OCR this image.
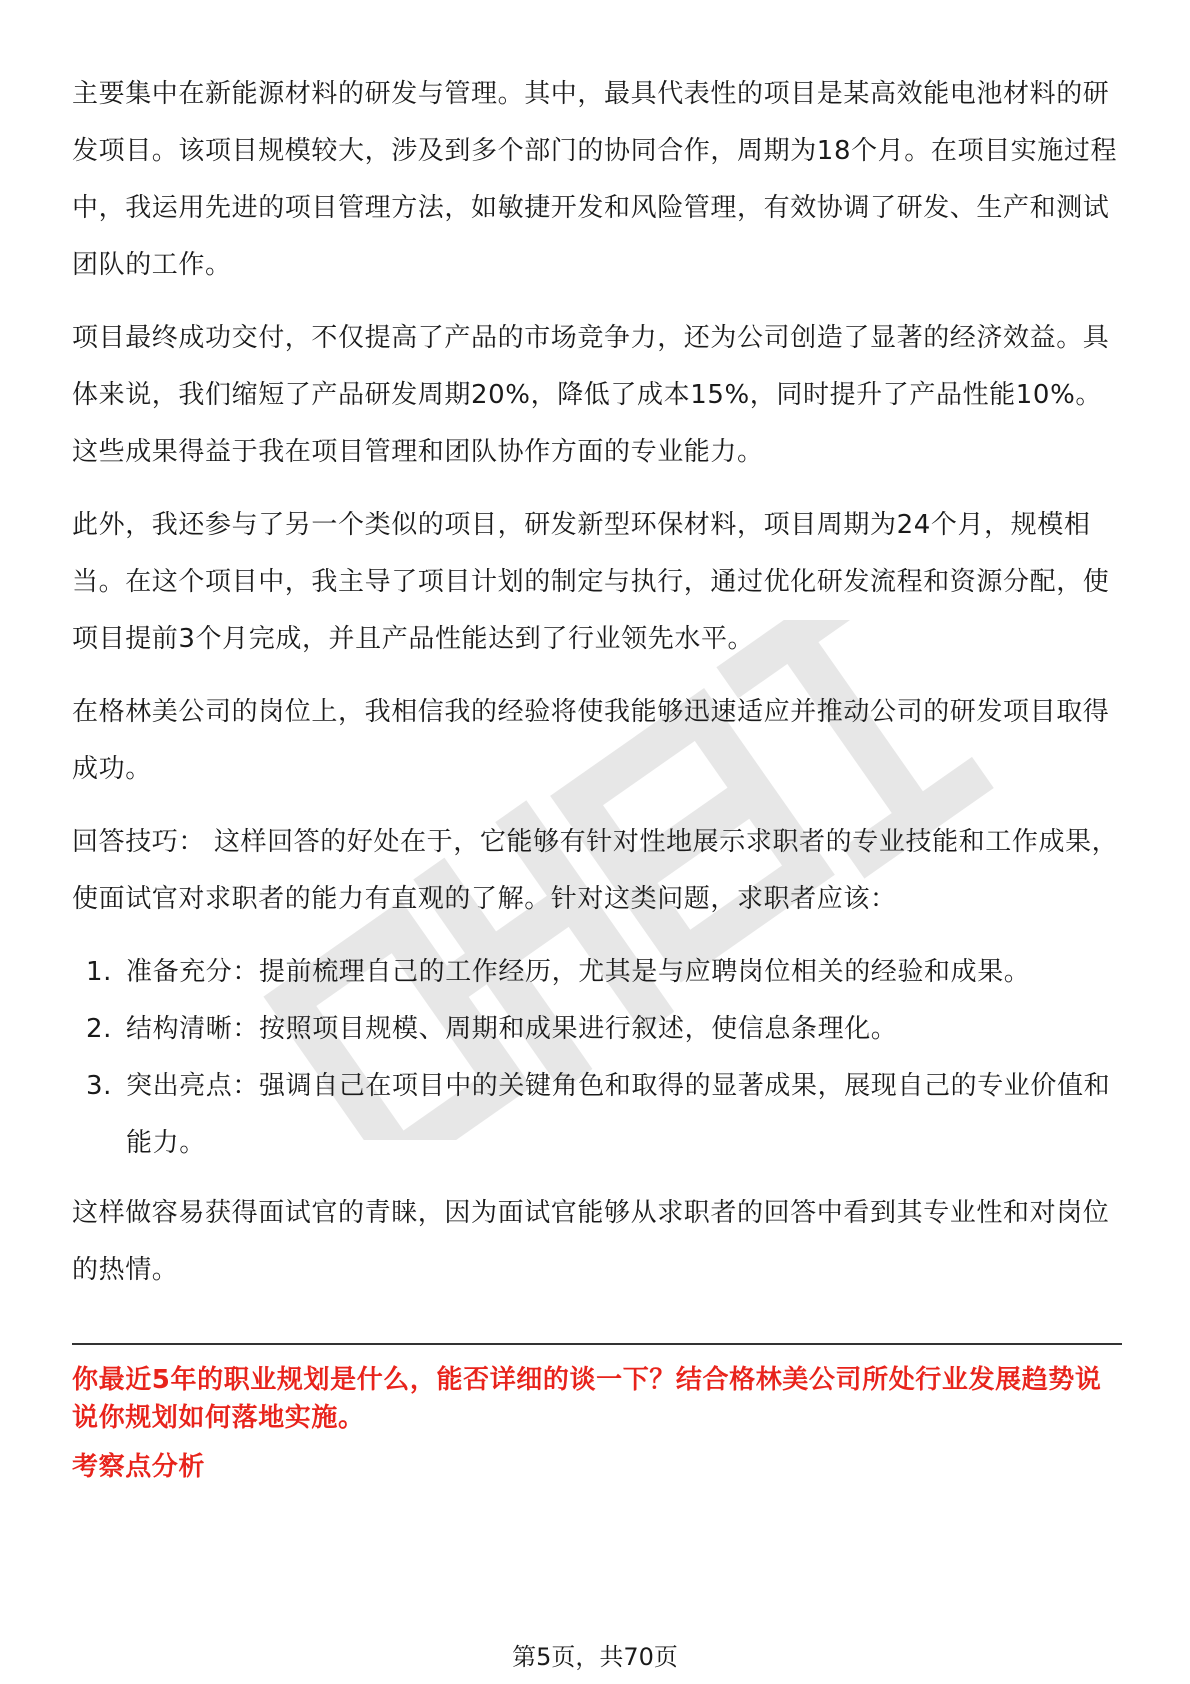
主要集中在新能源材料的研发与管理。其中，最具代表性的项目是某高效能电池材料的研发项目。该项目规模较大，涉及到多个部门的协同合作，周期为18个月。在项目实施过程中，我运用先进的项目管理方法，如敏捷开发和风险管理，有效协调了研发、生产和测试团队的工作。

项目最终成功交付，不仅提高了产品的市场竞争力，还为公司创造了显著的经济效益。具体来说，我们缩短了产品研发周期20%，降低了成本15%，同时提升了产品性能10%。这些成果得益于我在项目管理和团队协作方面的专业能力。

此外，我还参与了另一个类似的项目，研发新型环保材料，项目周期为24个月，规模相当。在这个项目中，我主导了项目计划的制定与执行，通过优化研发流程和资源分配，使项目提前3个月完成，并且产品性能达到了行业领先水平。

在格林美公司的岗位上，我相信我的经验将使我能够迅速适应并推动公司的研发项目取得成功。

回答技巧： 这样回答的好处在于，它能够有针对性地展示求职者的专业技能和工作成果，使面试官对求职者的能力有直观的了解。针对这类问题，求职者应该：

1. 准备充分：提前梳理自己的工作经历，尤其是与应聘岗位相关的经验和成果。
2. 结构清晰：按照项目规模、周期和成果进行叙述，使信息条理化。
3. 突出亮点：强调自己在项目中的关键角色和取得的显著成果，展现自己的专业价值和能力。

这样做容易获得面试官的青睐，因为面试官能够从求职者的回答中看到其专业性和对岗位的热情。

你最近5年的职业规划是什么，能否详细的谈一下？结合格林美公司所处行业发展趋势说说你规划如何落地实施。

考察点分析

第5页，共70页
